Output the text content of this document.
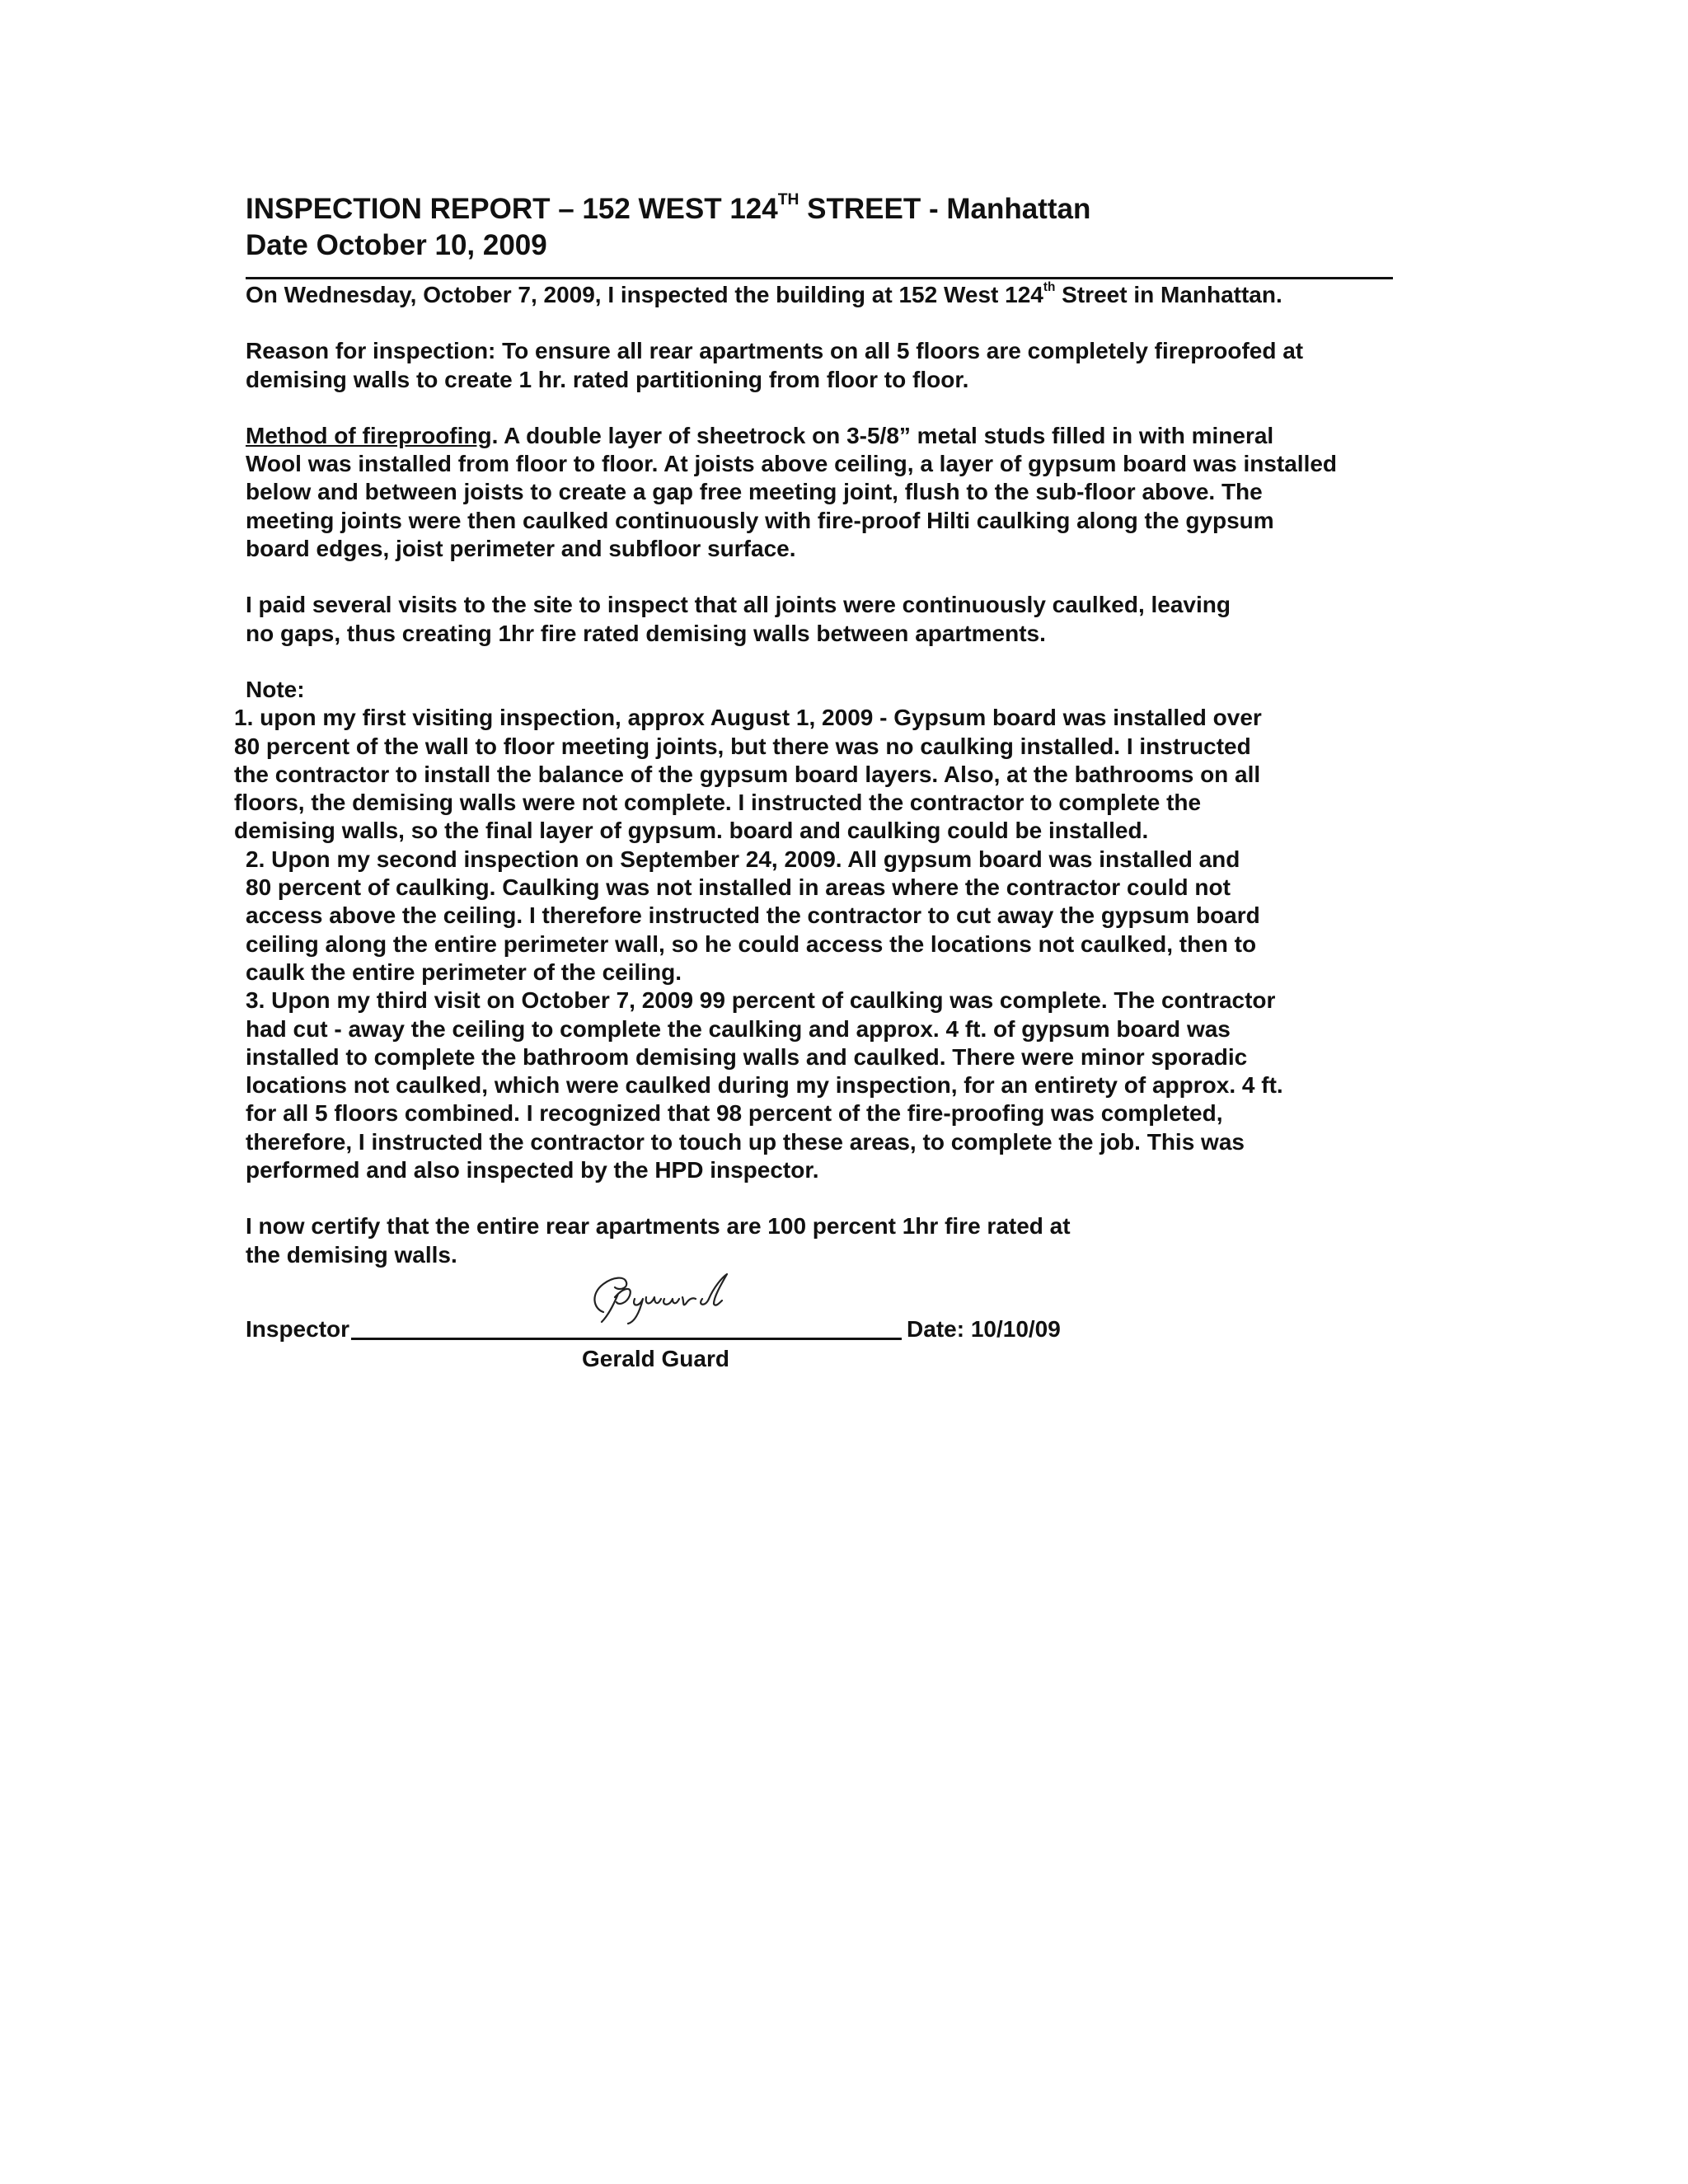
INSPECTION REPORT – 152 WEST 124TH STREET - Manhattan
Date October 10, 2009

On Wednesday, October 7, 2009, I inspected the building at 152 West 124th Street in Manhattan.

Reason for inspection: To ensure all rear apartments on all 5 floors are completely fireproofed at
demising walls to create 1 hr. rated partitioning from floor to floor.

Method of fireproofing. A double layer of sheetrock on 3-5/8” metal studs filled in with mineral
Wool was installed from floor to floor. At joists above ceiling, a layer of gypsum board was installed
below and between joists to create a gap free meeting joint, flush to the sub-floor above. The
meeting joints were then caulked continuously with fire-proof Hilti caulking along the gypsum
board edges, joist perimeter and subfloor surface.

I paid several visits to the site to inspect that all joints were continuously caulked, leaving
no gaps, thus creating 1hr fire rated demising walls between apartments.

Note:

1. upon my first visiting inspection, approx August 1, 2009 - Gypsum board was installed over
80 percent of the wall to floor meeting joints, but there was no caulking installed. I instructed
the contractor to install the balance of the gypsum board layers. Also, at the bathrooms on all
floors, the demising walls were not complete. I instructed the contractor to complete the
demising walls, so the final layer of gypsum. board and caulking could be installed.

2. Upon my second inspection on September 24, 2009. All gypsum board was installed and
80 percent of caulking. Caulking was not installed in areas where the contractor could not
access above the ceiling. I therefore instructed the contractor to cut away the gypsum board
ceiling along the entire perimeter wall, so he could access the locations not caulked, then to
caulk the entire perimeter of the ceiling.

3. Upon my third visit on October 7, 2009 99 percent of caulking was complete. The contractor
had cut - away the ceiling to complete the caulking and approx. 4 ft. of gypsum board was
installed to complete the bathroom demising walls and caulked. There were minor sporadic
locations not caulked, which were caulked during my inspection, for an entirety of approx. 4 ft.
for all 5 floors combined. I recognized that 98 percent of the fire-proofing was completed,
therefore, I instructed the contractor to touch up these areas, to complete the job. This was
performed and also inspected by the HPD inspector.

I now certify that the entire rear apartments are 100 percent 1hr fire rated at
the demising walls.

Inspector	Date: 10/10/09
Gerald Guard
